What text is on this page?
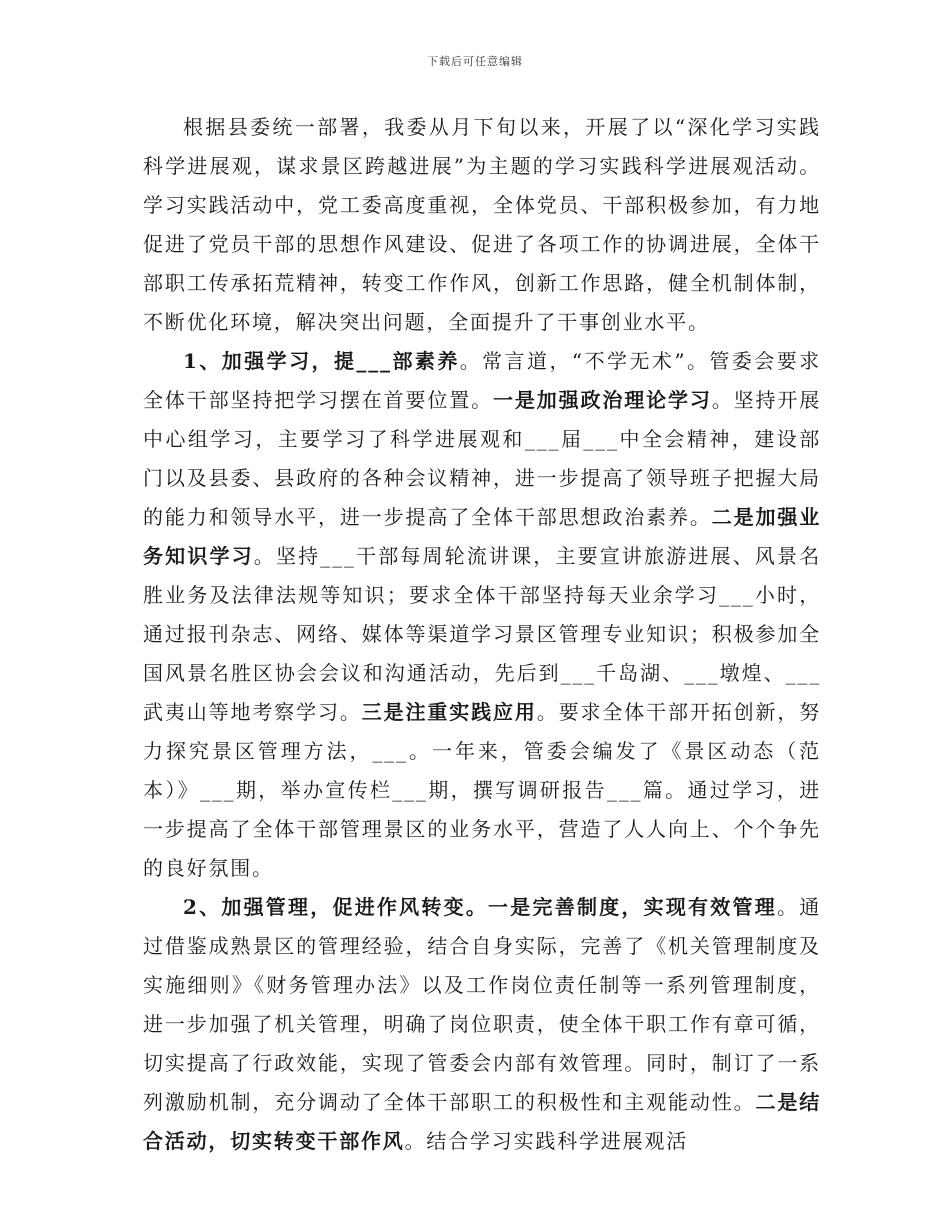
下载后可任意编辑

根据县委统一部署，我委从月下旬以来，开展了以“深化学习实践科学进展观，谋求景区跨越进展”为主题的学习实践科学进展观活动。学习实践活动中，党工委高度重视，全体党员、干部积极参加，有力地促进了党员干部的思想作风建设、促进了各项工作的协调进展，全体干部职工传承拓荒精神，转变工作作风，创新工作思路，健全机制体制，不断优化环境，解决突出问题，全面提升了干事创业水平。

1、加强学习，提___部素养。常言道，“不学无术”。管委会要求全体干部坚持把学习摆在首要位置。一是加强政治理论学习。坚持开展中心组学习，主要学习了科学进展观和___届___中全会精神，建设部门以及县委、县政府的各种会议精神，进一步提高了领导班子把握大局的能力和领导水平，进一步提高了全体干部思想政治素养。二是加强业务知识学习。坚持___干部每周轮流讲课，主要宣讲旅游进展、风景名胜业务及法律法规等知识；要求全体干部坚持每天业余学习___小时，通过报刊杂志、网络、媒体等渠道学习景区管理专业知识；积极参加全国风景名胜区协会会议和沟通活动，先后到___千岛湖、___墩煌、___武夷山等地考察学习。三是注重实践应用。要求全体干部开拓创新，努力探究景区管理方法，___。一年来，管委会编发了《景区动态（范本）》___期，举办宣传栏___期，撰写调研报告___篇。通过学习，进一步提高了全体干部管理景区的业务水平，营造了人人向上、个个争先的良好氛围。

2、加强管理，促进作风转变。一是完善制度，实现有效管理。通过借鉴成熟景区的管理经验，结合自身实际，完善了《机关管理制度及实施细则》《财务管理办法》以及工作岗位责任制等一系列管理制度，进一步加强了机关管理，明确了岗位职责，使全体干职工作有章可循，切实提高了行政效能，实现了管委会内部有效管理。同时，制订了一系列激励机制，充分调动了全体干部职工的积极性和主观能动性。二是结合活动，切实转变干部作风。结合学习实践科学进展观活
